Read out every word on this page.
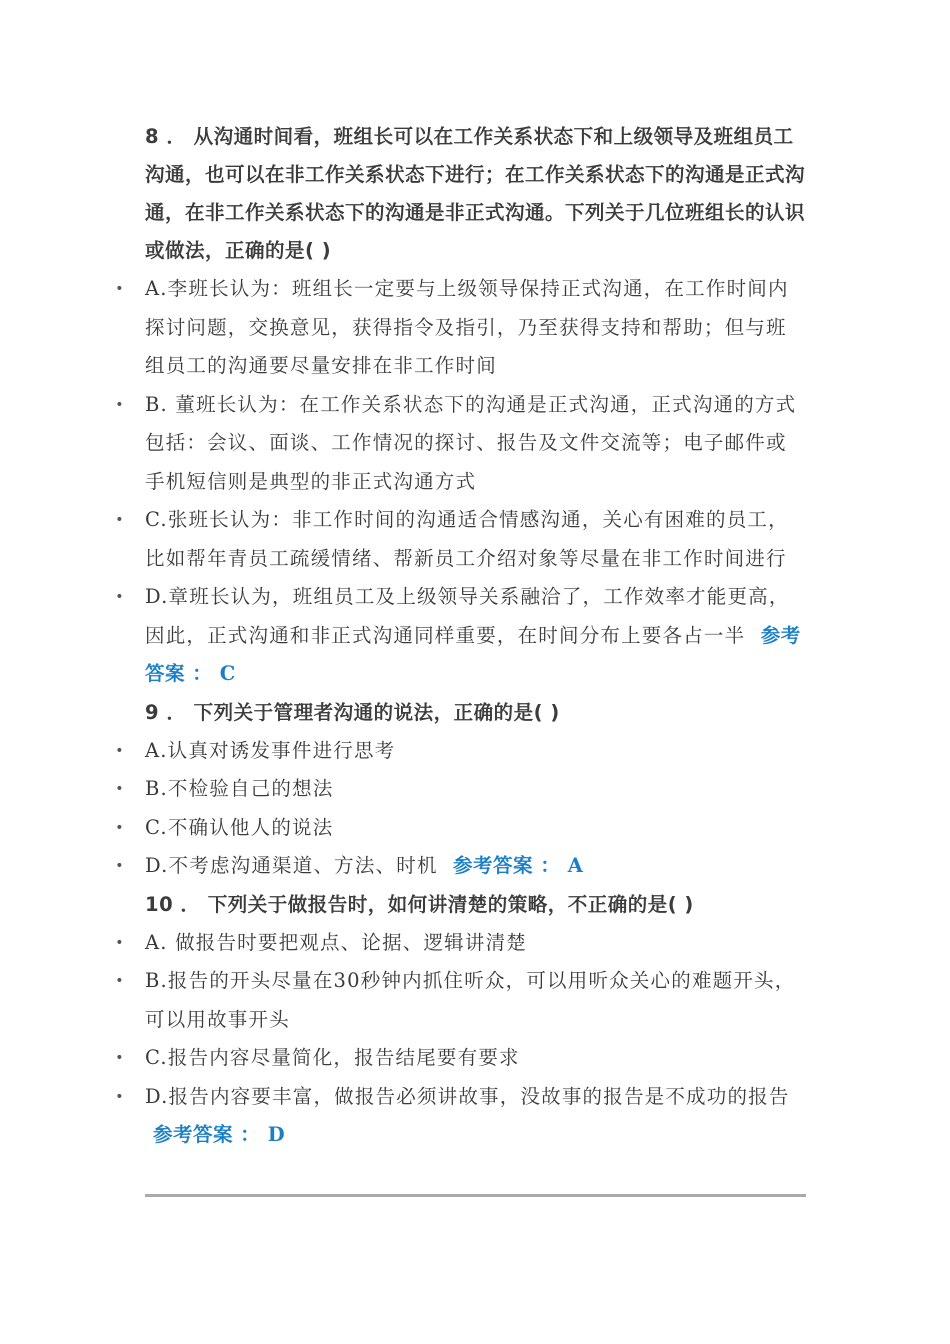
8 ． 从沟通时间看，班组长可以在工作关系状态下和上级领导及班组员工沟通，也可以在非工作关系状态下进行；在工作关系状态下的沟通是正式沟通，在非工作关系状态下的沟通是非正式沟通。下列关于几位班组长的认识或做法，正确的是( )

• A.李班长认为：班组长一定要与上级领导保持正式沟通，在工作时间内探讨问题，交换意见，获得指令及指引，乃至获得支持和帮助；但与班组员工的沟通要尽量安排在非工作时间

• B. 董班长认为：在工作关系状态下的沟通是正式沟通，正式沟通的方式包括：会议、面谈、工作情况的探讨、报告及文件交流等；电子邮件或手机短信则是典型的非正式沟通方式

• C.张班长认为：非工作时间的沟通适合情感沟通，关心有困难的员工，比如帮年青员工疏缓情绪、帮新员工介绍对象等尽量在非工作时间进行

• D.章班长认为，班组员工及上级领导关系融洽了，工作效率才能更高，因此，正式沟通和非正式沟通同样重要，在时间分布上要各占一半 参考答案 ： C

9 ． 下列关于管理者沟通的说法，正确的是( )

• A.认真对诱发事件进行思考

• B.不检验自己的想法

• C.不确认他人的说法

• D.不考虑沟通渠道、方法、时机 参考答案 ： A

10 ． 下列关于做报告时，如何讲清楚的策略，不正确的是( )

• A. 做报告时要把观点、论据、逻辑讲清楚

• B.报告的开头尽量在30秒钟内抓住听众，可以用听众关心的难题开头，可以用故事开头

• C.报告内容尽量简化，报告结尾要有要求

• D.报告内容要丰富，做报告必须讲故事，没故事的报告是不成功的报告 参考答案 ： D
